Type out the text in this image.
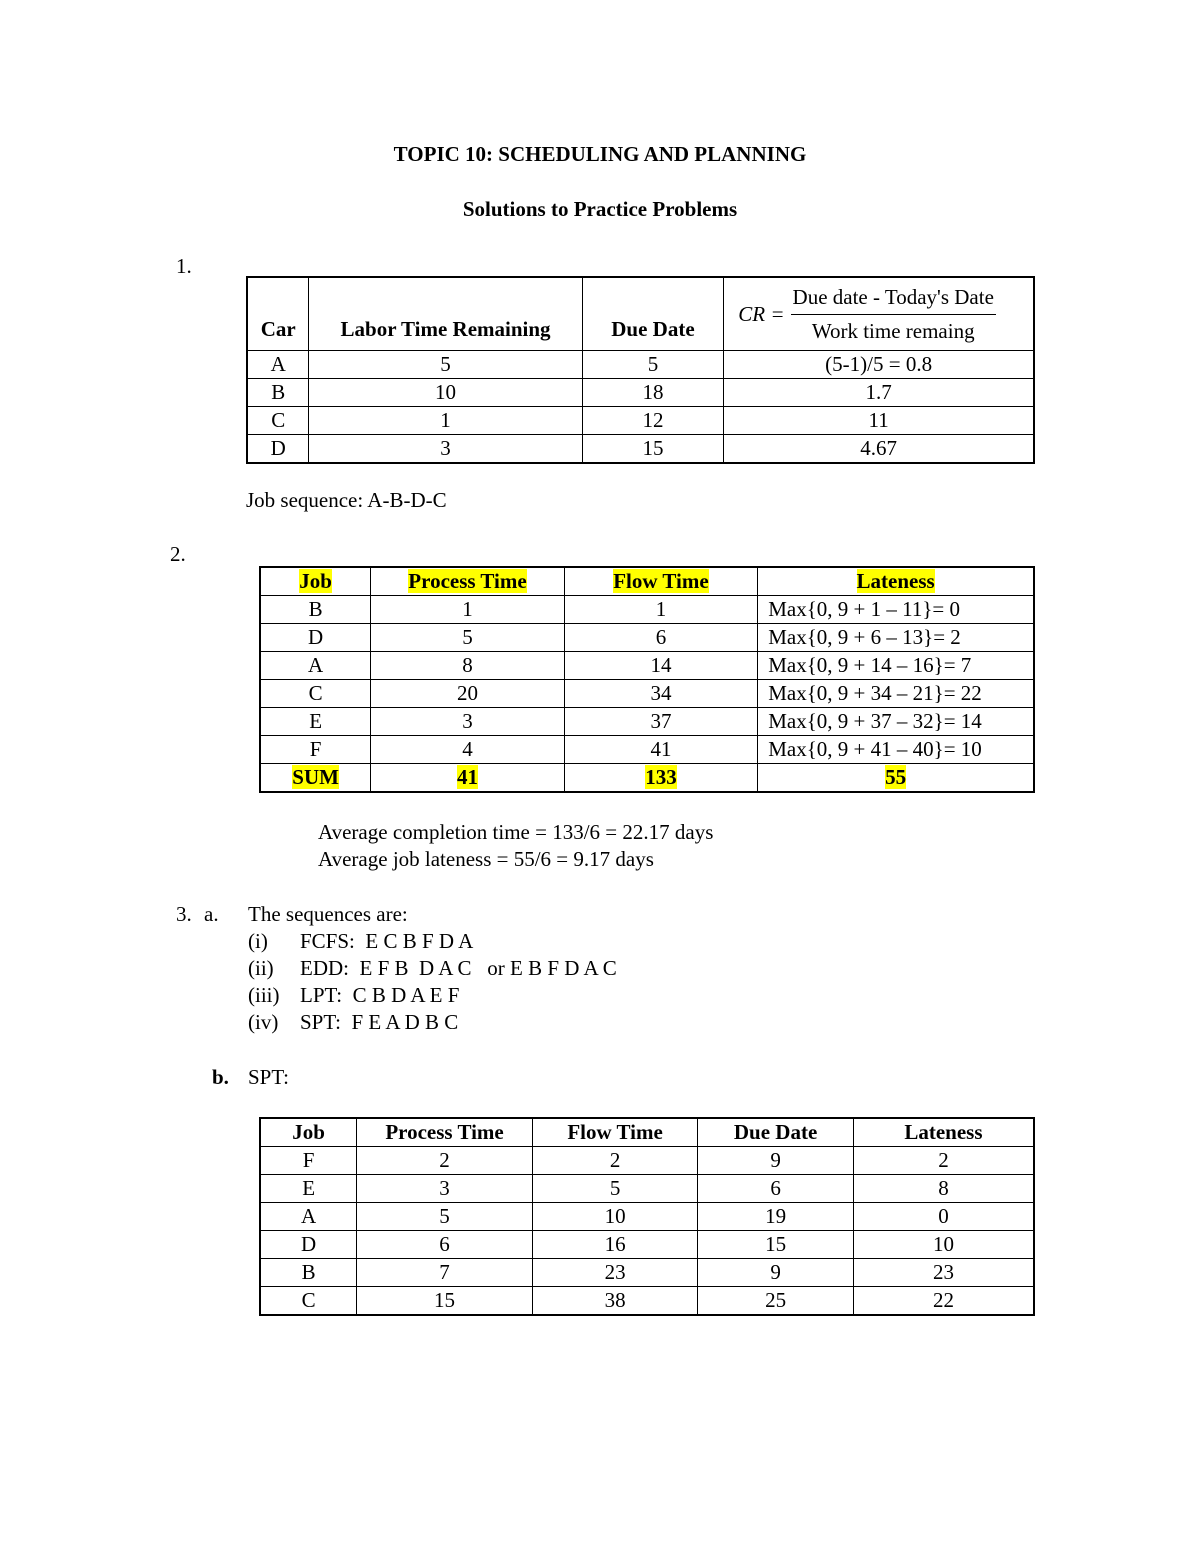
TOPIC 10: SCHEDULING AND PLANNING
Solutions to Practice Problems
1.
Car	Labor Time Remaining	Due Date	CR = $\frac{\text{Due date - Today's Date}}{\text{Work time remaing}}$

A	5	5	(5-1)/5 = 0.8
B	10	18	1.7
C	1	12	11
D	3	15	4.67
Job sequence: A-B-D-C
2.
Job	Process Time	Flow Time	Lateness
B	1	1	Max{0, 9 + 1 – 11}= 0
D	5	6	Max{0, 9 + 6 – 13}= 2
A	8	14	Max{0, 9 + 14 – 16}= 7
C	20	34	Max{0, 9 + 34 – 21}= 22
E	3	37	Max{0, 9 + 37 – 32}= 14
F	4	41	Max{0, 9 + 41 – 40}= 10
SUM	41	133	55
Average completion time = 133/6 = 22.17 days
Average job lateness = 55/6 = 9.17 days
3. a. The sequences are:
(i) FCFS:  E C B F D A
(ii) EDD:  E F B  D A C   or E B F D A C
(iii) LPT:  C B D A E F
(iv) SPT:  F E A D B C
b. SPT:
Job	Process Time	Flow Time	Due Date	Lateness
F	2	2	9	2
E	3	5	6	8
A	5	10	19	0
D	6	16	15	10
B	7	23	9	23
C	15	38	25	22
